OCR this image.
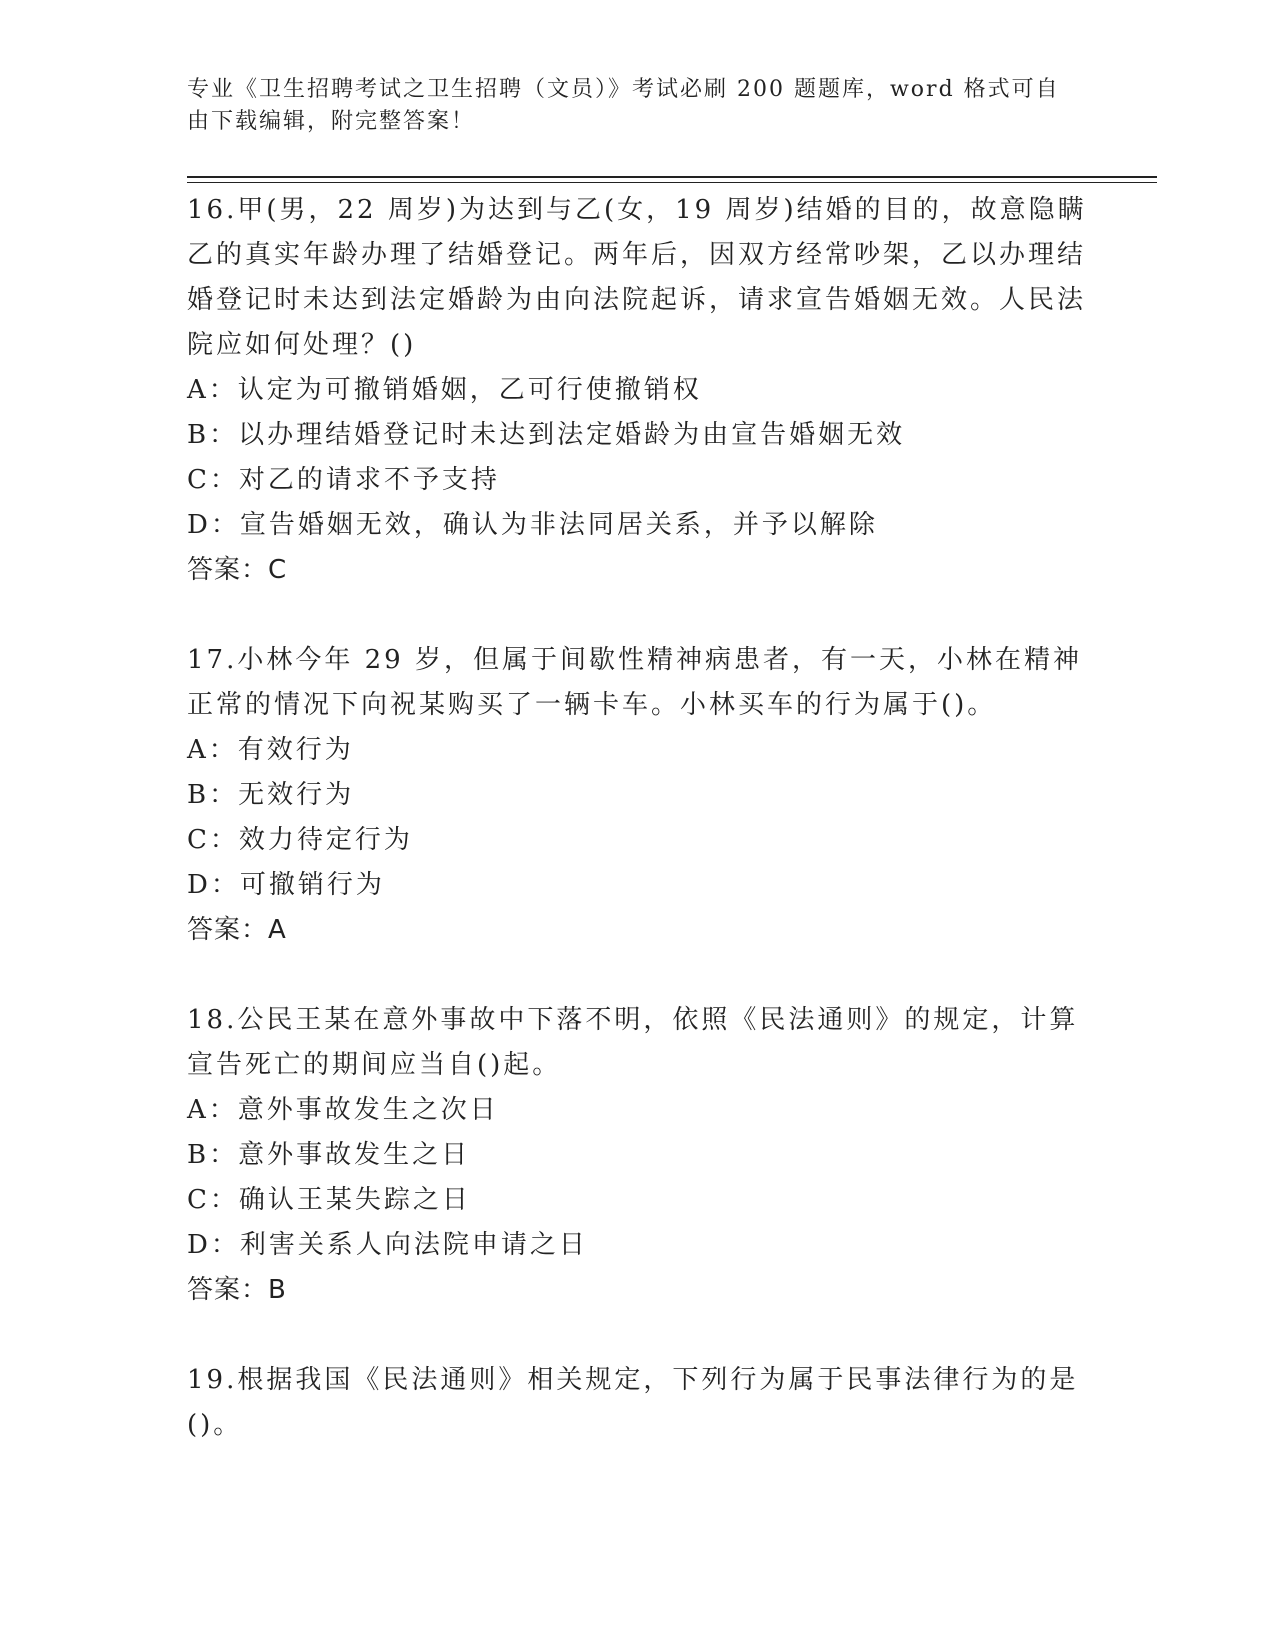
专业《卫生招聘考试之卫生招聘（文员）》考试必刷 200 题题库，word 格式可自由下载编辑，附完整答案！

16.甲(男，22 周岁)为达到与乙(女，19 周岁)结婚的目的，故意隐瞒乙的真实年龄办理了结婚登记。两年后，因双方经常吵架，乙以办理结婚登记时未达到法定婚龄为由向法院起诉，请求宣告婚姻无效。人民法院应如何处理？()

A：认定为可撤销婚姻，乙可行使撤销权

B：以办理结婚登记时未达到法定婚龄为由宣告婚姻无效

C：对乙的请求不予支持

D：宣告婚姻无效，确认为非法同居关系，并予以解除

答案：C

17.小林今年 29 岁，但属于间歇性精神病患者，有一天，小林在精神正常的情况下向祝某购买了一辆卡车。小林买车的行为属于()。

A：有效行为

B：无效行为

C：效力待定行为

D：可撤销行为

答案：A

18.公民王某在意外事故中下落不明，依照《民法通则》的规定，计算宣告死亡的期间应当自()起。

A：意外事故发生之次日

B：意外事故发生之日

C：确认王某失踪之日

D：利害关系人向法院申请之日

答案：B

19.根据我国《民法通则》相关规定，下列行为属于民事法律行为的是()。
